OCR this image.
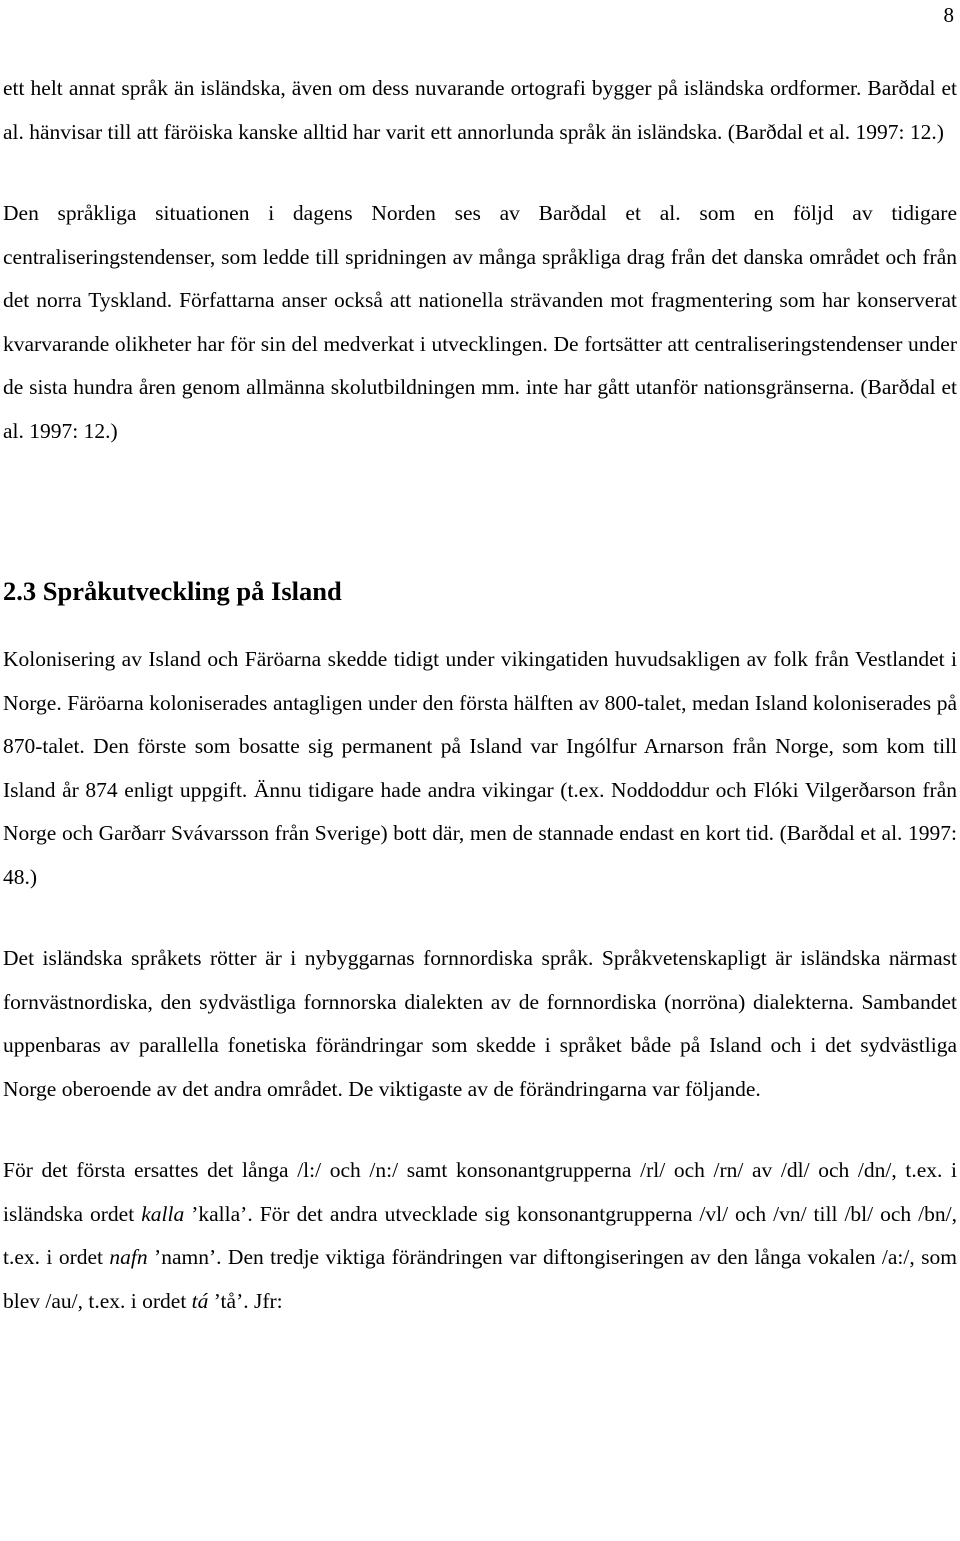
8

ett helt annat språk än isländska, även om dess nuvarande ortografi bygger på isländska ordformer. Barðdal et al. hänvisar till att färöiska kanske alltid har varit ett annorlunda språk än isländska. (Barðdal et al. 1997: 12.)

Den språkliga situationen i dagens Norden ses av Barðdal et al. som en följd av tidigare centraliseringstendenser, som ledde till spridningen av många språkliga drag från det danska området och från det norra Tyskland. Författarna anser också att nationella strävanden mot fragmentering som har konserverat kvarvarande olikheter har för sin del medverkat i utvecklingen. De fortsätter att centraliseringstendenser under de sista hundra åren genom allmänna skolutbildningen mm. inte har gått utanför nationsgränserna. (Barðdal et al. 1997: 12.)

2.3 Språkutveckling på Island

Kolonisering av Island och Färöarna skedde tidigt under vikingatiden huvudsakligen av folk från Vestlandet i Norge. Färöarna koloniserades antagligen under den första hälften av 800-talet, medan Island koloniserades på 870-talet. Den förste som bosatte sig permanent på Island var Ingólfur Arnarson från Norge, som kom till Island år 874 enligt uppgift. Ännu tidigare hade andra vikingar (t.ex. Noddoddur och Flóki Vilgerðarson från Norge och Garðarr Svávarsson från Sverige) bott där, men de stannade endast en kort tid. (Barðdal et al. 1997: 48.)

Det isländska språkets rötter är i nybyggarnas fornnordiska språk. Språkvetenskapligt är isländska närmast fornvästnordiska, den sydvästliga fornnorska dialekten av de fornnordiska (norröna) dialekterna. Sambandet uppenbaras av parallella fonetiska förändringar som skedde i språket både på Island och i det sydvästliga Norge oberoende av det andra området. De viktigaste av de förändringarna var följande.

För det första ersattes det långa /l:/ och /n:/ samt konsonantgrupperna /rl/ och /rn/ av /dl/ och /dn/, t.ex. i isländska ordet kalla ’kalla’. För det andra utvecklade sig konsonantgrupperna /vl/ och /vn/ till /bl/ och /bn/, t.ex. i ordet nafn ’namn’. Den tredje viktiga förändringen var diftongiseringen av den långa vokalen /a:/, som blev /au/, t.ex. i ordet tá ’tå’. Jfr:
